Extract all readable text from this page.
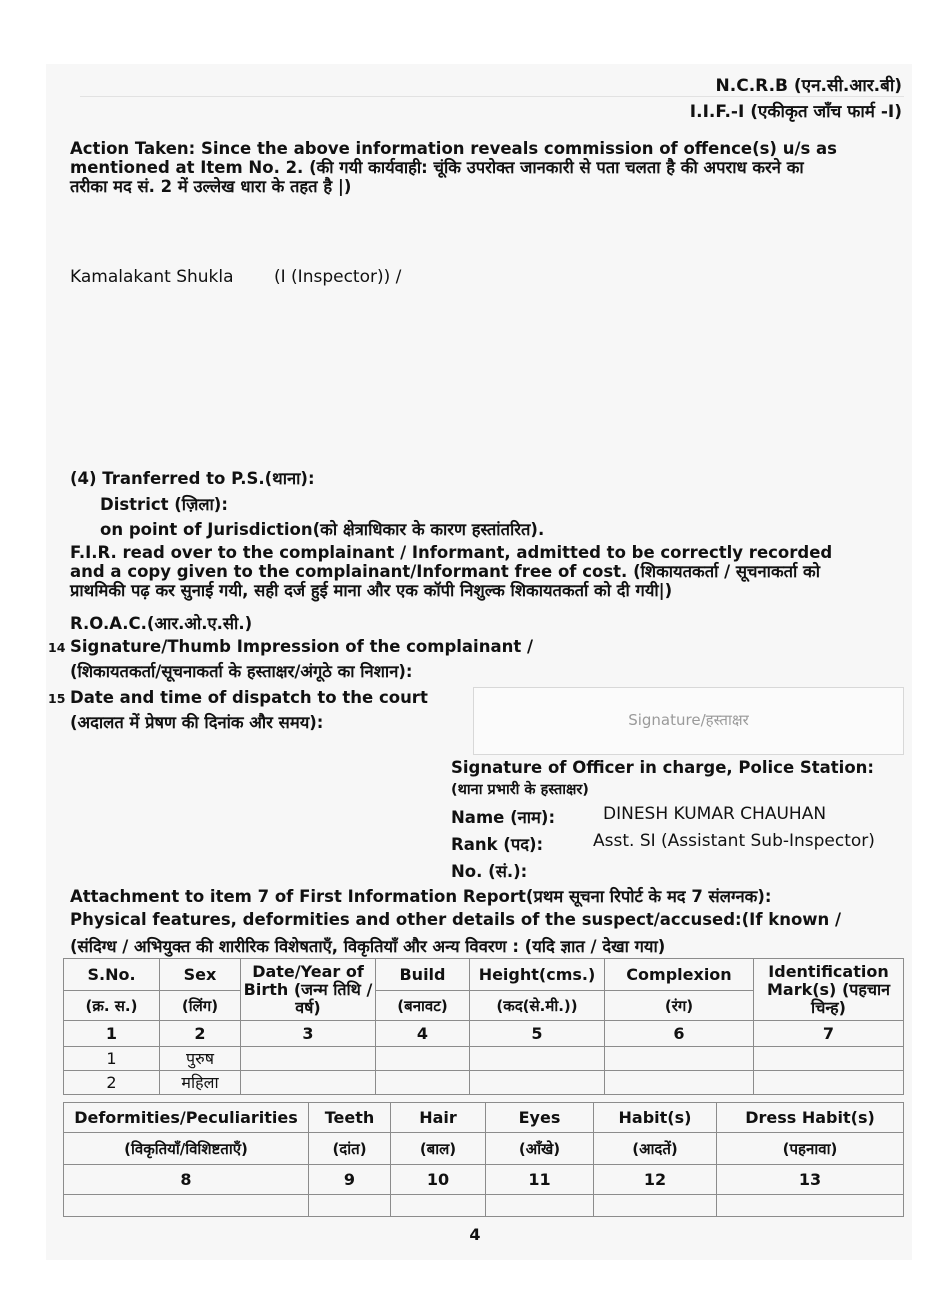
N.C.R.B (एन.सी.आर.बी)
I.I.F.-I (एकीकृत जाँच फार्म -I)
Action Taken: Since the above information reveals commission of offence(s) u/s as
mentioned at Item No. 2. (की गयी कार्यवाही: चूंकि उपरोक्त जानकारी से पता चलता है की अपराध करने का
तरीका मद सं. 2 में उल्लेख धारा के तहत है |)
Kamalakant Shukla (I (Inspector)) /
(4) Tranferred to P.S.(थाना):
District (ज़िला):
on point of Jurisdiction(को क्षेत्राधिकार के कारण हस्तांतरित).
F.I.R. read over to the complainant / Informant, admitted to be correctly recorded
and a copy given to the complainant/Informant free of cost. (शिकायतकर्ता / सूचनाकर्ता को
प्राथमिकी पढ़ कर सुनाई गयी, सही दर्ज हुई माना और एक कॉपी निशुल्क शिकायतकर्ता को दी गयी|)
R.O.A.C.(आर.ओ.ए.सी.)
14 Signature/Thumb Impression of the complainant /
(शिकायतकर्ता/सूचनाकर्ता के हस्ताक्षर/अंगूठे का निशान):
15 Date and time of dispatch to the court
(अदालत में प्रेषण की दिनांक और समय):	Signature/हस्ताक्षर
Signature of Officer in charge, Police Station:
(थाना प्रभारी के हस्ताक्षर)
Name (नाम):	DINESH KUMAR CHAUHAN
Rank (पद):	Asst. SI (Assistant Sub-Inspector)
No. (सं.):
Attachment to item 7 of First Information Report(प्रथम सूचना रिपोर्ट के मद 7 संलग्नक):
Physical features, deformities and other details of the suspect/accused:(If known /
(संदिग्ध / अभियुक्त की शारीरिक विशेषताएँ, विकृतियाँ और अन्य विवरण : (यदि ज्ञात / देखा गया)
S.No.	Sex	Date/Year of Birth (जन्म तिथि / वर्ष)	Build	Height(cms.)	Complexion	Identification Mark(s) (पहचान चिन्ह)
(क्र. स.)	(लिंग)		(बनावट)	(कद(से.मी.))	(रंग)	
1	2	3	4	5	6	7
1	पुरुष					
2	महिला					
Deformities/Peculiarities	Teeth	Hair	Eyes	Habit(s)	Dress Habit(s)
(विकृतियाँ/विशिष्टताएँ)	(दांत)	(बाल)	(आँखे)	(आदतें)	(पहनावा)
8	9	10	11	12	13

4
